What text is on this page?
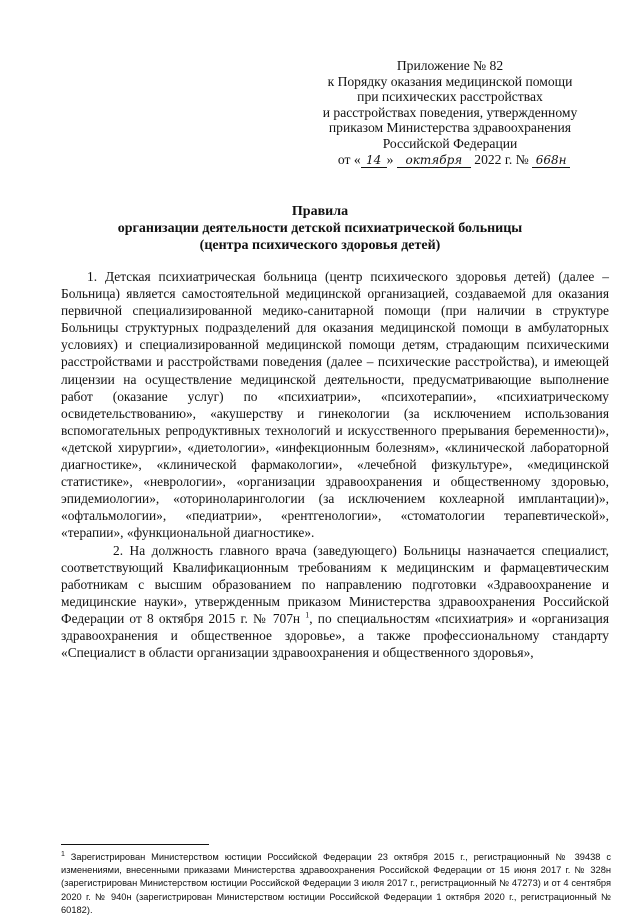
Приложение № 82
к Порядку оказания медицинской помощи
при психических расстройствах
и расстройствах поведения, утвержденному
приказом Министерства здравоохранения
Российской Федерации
от « 14 » октября 2022 г. № 668н
Правила
организации деятельности детской психиатрической больницы
(центра психического здоровья детей)

1. Детская психиатрическая больница (центр психического здоровья детей) (далее – Больница) является самостоятельной медицинской организацией, создаваемой для оказания первичной специализированной медико-санитарной помощи (при наличии в структуре Больницы структурных подразделений для оказания медицинской помощи в амбулаторных условиях) и специализированной медицинской помощи детям, страдающим психическими расстройствами и расстройствами поведения (далее – психические расстройства), и имеющей лицензии на осуществление медицинской деятельности, предусматривающие выполнение работ (оказание услуг) по «психиатрии», «психотерапии», «психиатрическому освидетельствованию», «акушерству и гинекологии (за исключением использования вспомогательных репродуктивных технологий и искусственного прерывания беременности)», «детской хирургии», «диетологии», «инфекционным болезням», «клинической лабораторной диагностике», «клинической фармакологии», «лечебной физкультуре», «медицинской статистике», «неврологии», «организации здравоохранения и общественному здоровью, эпидемиологии», «оториноларингологии (за исключением кохлеарной имплантации)», «офтальмологии», «педиатрии», «рентгенологии», «стоматологии терапевтической», «терапии», «функциональной диагностике».

2. На должность главного врача (заведующего) Больницы назначается специалист, соответствующий Квалификационным требованиям к медицинским и фармацевтическим работникам с высшим образованием по направлению подготовки «Здравоохранение и медицинские науки», утвержденным приказом Министерства здравоохранения Российской Федерации от 8 октября 2015 г. № 707н $^1$, по специальностям «психиатрия» и «организация здравоохранения и общественное здоровье», а также профессиональному стандарту «Специалист в области организации здравоохранения и общественного здоровья»,

$^1$ Зарегистрирован Министерством юстиции Российской Федерации 23 октября 2015 г., регистрационный № 39438 с изменениями, внесенными приказами Министерства здравоохранения Российской Федерации от 15 июня 2017 г. № 328н (зарегистрирован Министерством юстиции Российской Федерации 3 июля 2017 г., регистрационный № 47273) и от 4 сентября 2020 г. № 940н (зарегистрирован Министерством юстиции Российской Федерации 1 октября 2020 г., регистрационный № 60182).
